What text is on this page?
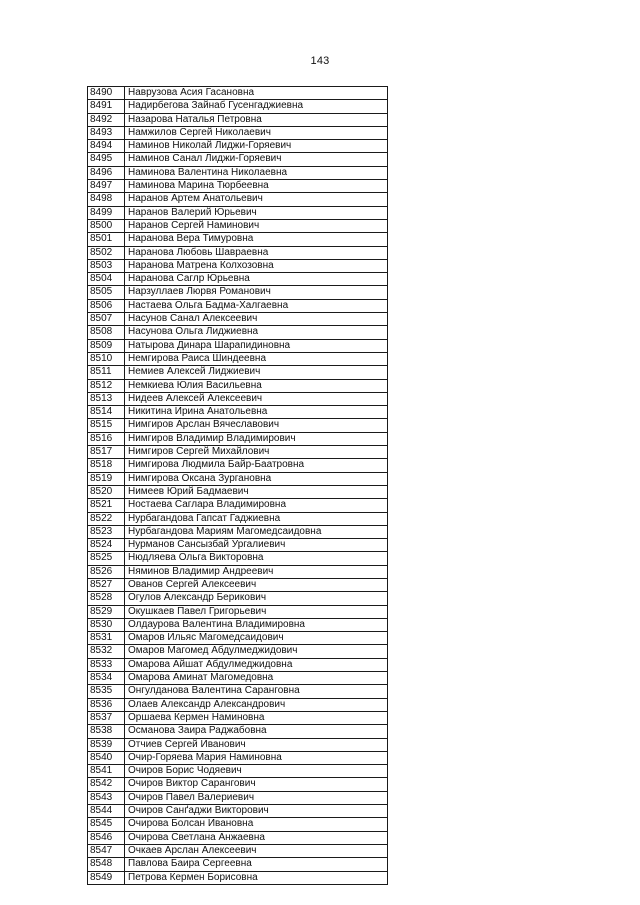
143
8490	Наврузова Асия Гасановна
8491	Надирбегова Зайнаб Гусенгаджиевна
8492	Назарова Наталья Петровна
8493	Намжилов Сергей Николаевич
8494	Наминов Николай Лиджи-Горяевич
8495	Наминов Санал Лиджи-Горяевич
8496	Наминова Валентина Николаевна
8497	Наминова Марина Тюрбеевна
8498	Наранов Артем Анатольевич
8499	Наранов Валерий Юрьевич
8500	Наранов Сергей Наминович
8501	Наранова Вера Тимуровна
8502	Наранова Любовь Шавраевна
8503	Наранова Матрена Колхозовна
8504	Наранова Саглр Юрьевна
8505	Нарзуллаев Люрвя Романович
8506	Настаева Ольга Бадма-Халгаевна
8507	Насунов Санал Алексеевич
8508	Насунова Ольга Лиджиевна
8509	Натырова Динара Шарапидиновна
8510	Немгирова Раиса Шиндеевна
8511	Немиев Алексей Лиджиевич
8512	Немкиева Юлия Васильевна
8513	Нидеев Алексей Алексеевич
8514	Никитина Ирина Анатольевна
8515	Нимгиров Арслан Вячеславович
8516	Нимгиров Владимир Владимирович
8517	Нимгиров Сергей Михайлович
8518	Нимгирова Людмила Байр-Баатровна
8519	Нимгирова Оксана Зургановна
8520	Нимеев Юрий Бадмаевич
8521	Ностаева Саглара Владимировна
8522	Нурбагандова Гапсат Гаджиевна
8523	Нурбагандова Мариям Магомедсаидовна
8524	Нурманов Сансызбай Ургалиевич
8525	Нюдляева Ольга Викторовна
8526	Няминов Владимир Андреевич
8527	Ованов Сергей Алексеевич
8528	Огулов Александр Берикович
8529	Окушкаев Павел Григорьевич
8530	Олдаурова Валентина Владимировна
8531	Омаров Ильяс Магомедсаидович
8532	Омаров Магомед Абдулмеджидович
8533	Омарова Айшат Абдулмеджидовна
8534	Омарова Аминат Магомедовна
8535	Онгулданова Валентина Саранговна
8536	Олаев Александр Александрович
8537	Оршаева Кермен Наминовна
8538	Османова Заира Раджабовна
8539	Отчиев Сергей Иванович
8540	Очир-Горяева Мария Наминовна
8541	Очиров Борис Чодяевич
8542	Очиров Виктор Сарангович
8543	Очиров Павел Валериевич
8544	Очиров Санґаджи Викторович
8545	Очирова Болсан Ивановна
8546	Очирова Светлана Анжаевна
8547	Очкаев Арслан Алексеевич
8548	Павлова Баира Сергеевна
8549	Петрова Кермен Борисовна
